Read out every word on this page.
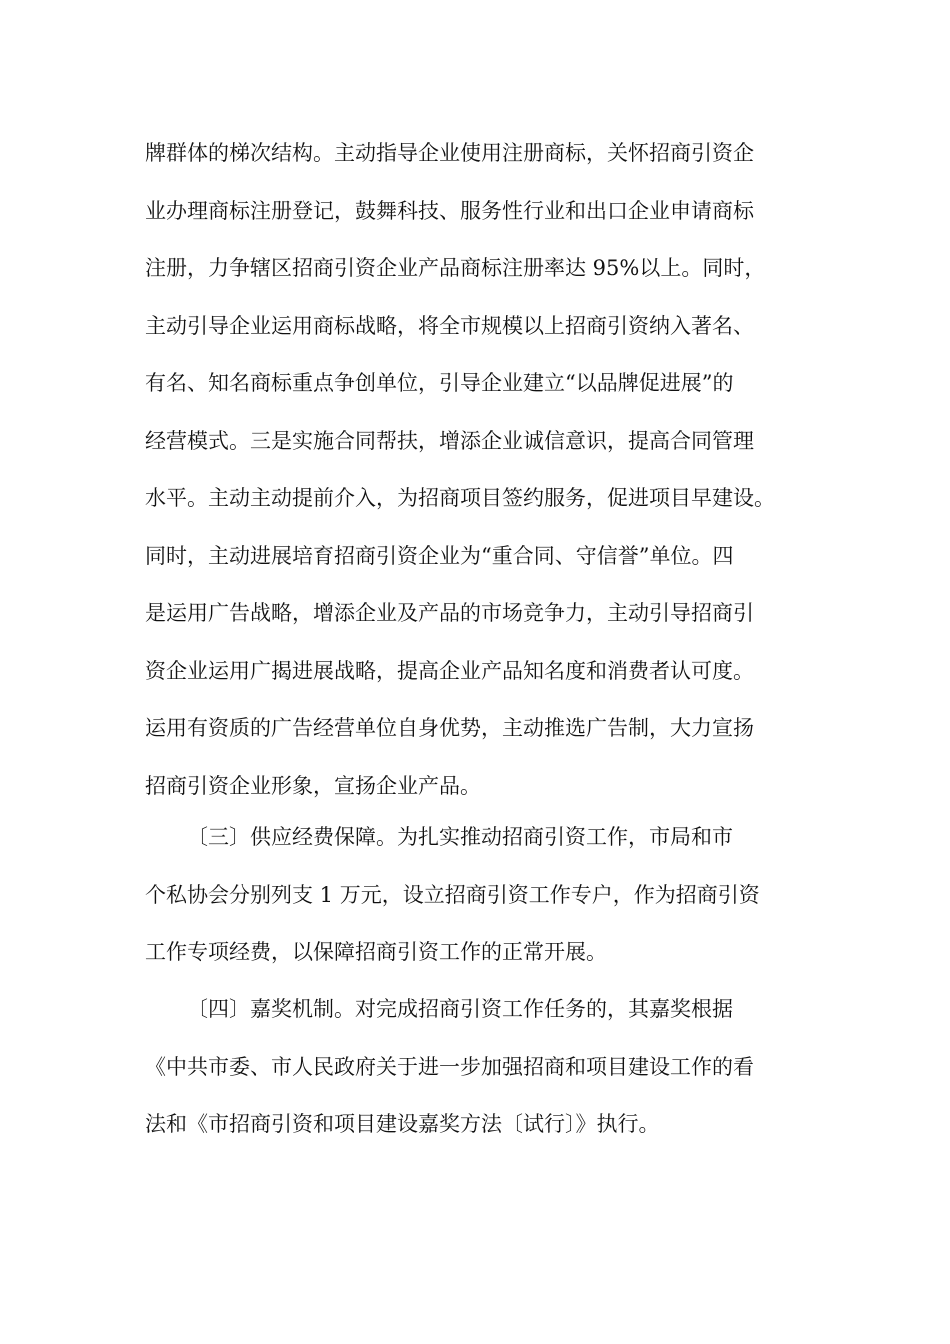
牌群体的梯次结构。主动指导企业使用注册商标，关怀招商引资企
业办理商标注册登记，鼓舞科技、服务性行业和出口企业申请商标
注册，力争辖区招商引资企业产品商标注册率达 95%以上。同时，
主动引导企业运用商标战略，将全市规模以上招商引资纳入著名、
有名、知名商标重点争创单位，引导企业建立“以品牌促进展”的
经营模式。三是实施合同帮扶，增添企业诚信意识，提高合同管理
水平。主动主动提前介入，为招商项目签约服务，促进项目早建设。
同时，主动进展培育招商引资企业为“重合同、守信誉”单位。四
是运用广告战略，增添企业及产品的市场竞争力，主动引导招商引
资企业运用广揭进展战略，提高企业产品知名度和消费者认可度。
运用有资质的广告经营单位自身优势，主动推选广告制，大力宣扬
招商引资企业形象，宣扬企业产品。
〔三〕供应经费保障。为扎实推动招商引资工作，市局和市
个私协会分别列支 1 万元，设立招商引资工作专户，作为招商引资
工作专项经费，以保障招商引资工作的正常开展。
〔四〕嘉奖机制。对完成招商引资工作任务的，其嘉奖根据
《中共市委、市人民政府关于进一步加强招商和项目建设工作的看
法和《市招商引资和项目建设嘉奖方法〔试行〕》执行。
